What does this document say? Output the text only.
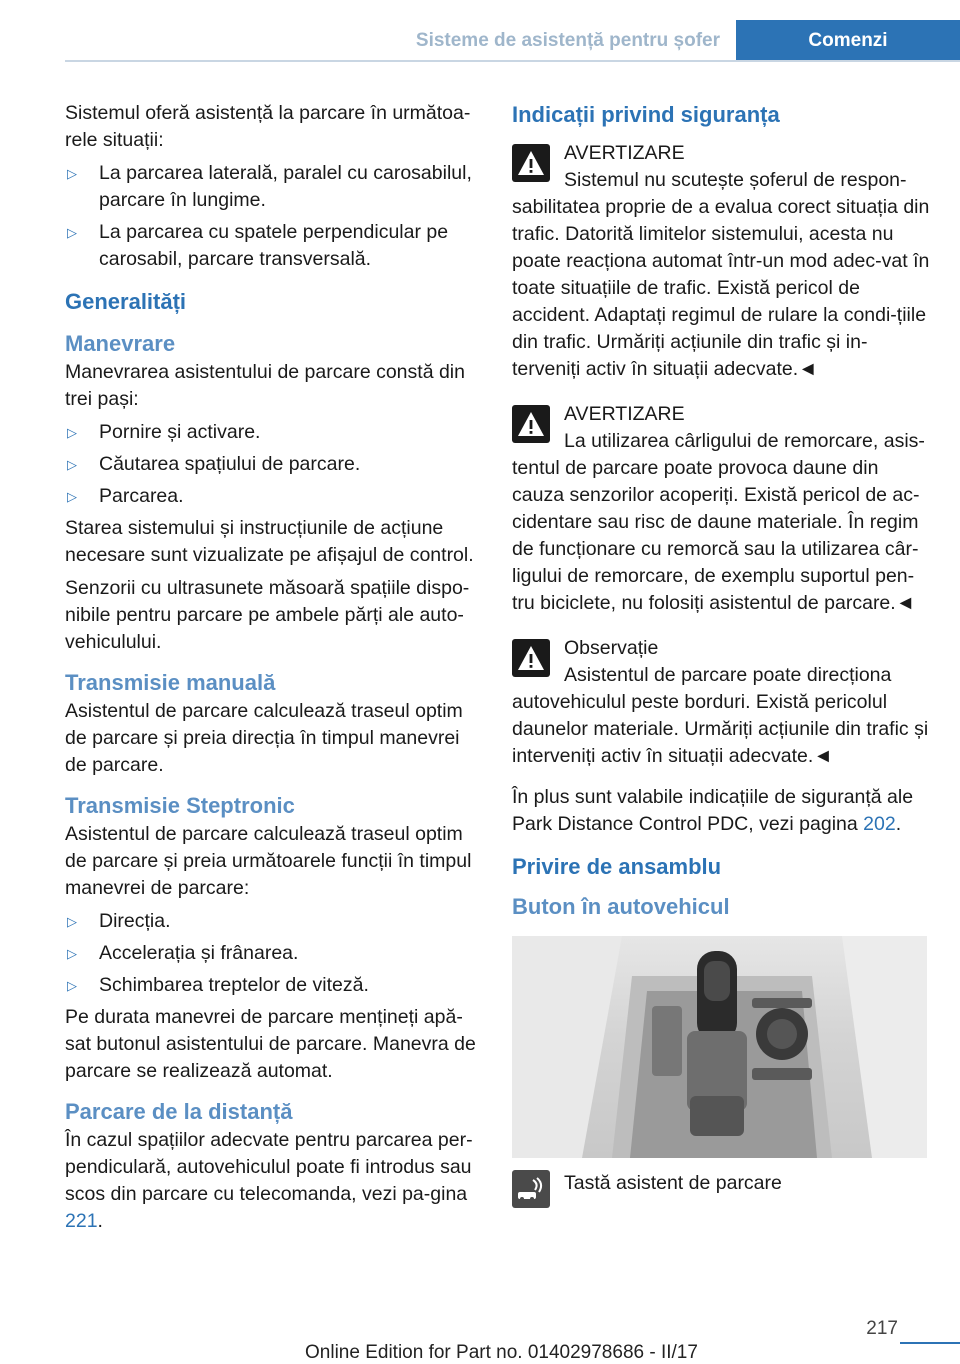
Sisteme de asistență pentru șofer	Comenzi

Sistemul oferă asistență la parcare în următoa-rele situații:

▷ La parcarea laterală, paralel cu carosabilul, parcare în lungime.
▷ La parcarea cu spatele perpendicular pe carosabil, parcare transversală.
Generalități
Manevrare

Manevrarea asistentului de parcare constă din trei pași:

▷ Pornire și activare.
▷ Căutarea spațiului de parcare.
▷ Parcarea.

Starea sistemului și instrucțiunile de acțiune necesare sunt vizualizate pe afișajul de control.

Senzorii cu ultrasunete măsoară spațiile dispo-nibile pentru parcare pe ambele părți ale auto-vehiculului.

Transmisie manuală

Asistentul de parcare calculează traseul optim de parcare și preia direcția în timpul manevrei de parcare.

Transmisie Steptronic

Asistentul de parcare calculează traseul optim de parcare și preia următoarele funcții în timpul manevrei de parcare:

▷ Direcția.
▷ Accelerația și frânarea.
▷ Schimbarea treptelor de viteză.

Pe durata manevrei de parcare mențineți apă-sat butonul asistentului de parcare. Manevra de parcare se realizează automat.

Parcare de la distanță

În cazul spațiilor adecvate pentru parcarea per-pendiculară, autovehiculul poate fi introdus sau scos din parcare cu telecomanda, vezi pa-gina 221.

Indicații privind siguranța
AVERTIZARE
Sistemul nu scutește șoferul de respon-
sabilitatea proprie de a evalua corect situația din trafic. Datorită limitelor sistemului, acesta nu poate reacționa automat într-un mod adec-vat în toate situațiile de trafic. Există pericol de accident. Adaptați regimul de rulare la condi-țiile din trafic. Urmăriți acțiunile din trafic și in-terveniți activ în situații adecvate.◄
AVERTIZARE
La utilizarea cârligului de remorcare, asis-
tentul de parcare poate provoca daune din cauza senzorilor acoperiți. Există pericol de ac-cidentare sau risc de daune materiale. În regim de funcționare cu remorcă sau la utilizarea câr-ligului de remorcare, de exemplu suportul pen-tru biciclete, nu folosiți asistentul de parcare.◄
Observație
Asistentul de parcare poate direcționa
autovehiculul peste borduri. Există pericolul daunelor materiale. Urmăriți acțiunile din trafic și interveniți activ în situații adecvate.◄

În plus sunt valabile indicațiile de siguranță ale Park Distance Control PDC, vezi pagina 202.

Privire de ansamblu
Buton în autovehicul
Tastă asistent de parcare
217
Online Edition for Part no. 01402978686 - II/17
